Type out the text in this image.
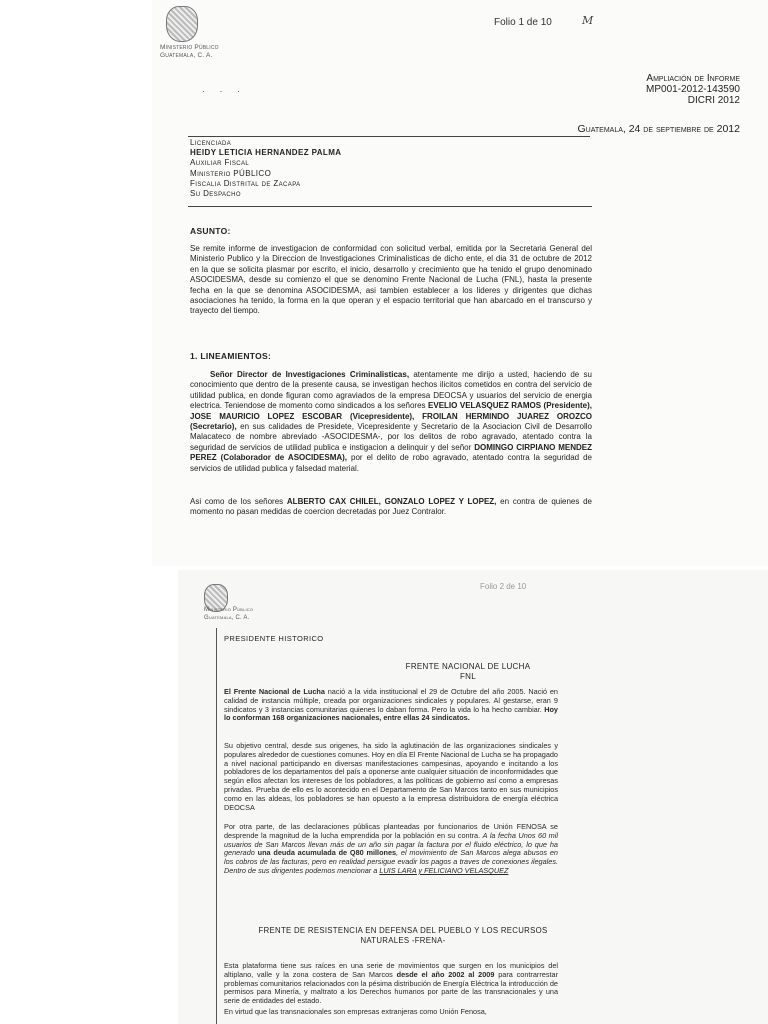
Ministerio Público
Guatemala, C. A.
Folio 1 de 10	M
Ampliación de Informe
MP001-2012-143590
DICRI 2012
· · ·
Guatemala, 24 de septiembre de 2012
Licenciada
HEIDY LETICIA HERNANDEZ PALMA
Auxiliar Fiscal
Ministerio PÚBLICO
Fiscalia Distrital de Zacapa
Su Despacho
ASUNTO:
Se remite informe de investigacion de conformidad con solicitud verbal, emitida por la Secretaria General del Ministerio Publico y la Direccion de Investigaciones Criminalisticas de dicho ente, el dia 31 de octubre de 2012 en la que se solicita plasmar por escrito, el inicio, desarrollo y crecimiento que ha tenido el grupo denominado ASOCIDESMA, desde su comienzo el que se denomino Frente Nacional de Lucha (FNL), hasta la presente fecha en la que se denomina ASOCIDESMA, asi tambien establecer a los lideres y dirigentes que dichas asociaciones ha tenido, la forma en la que operan y el espacio territorial que han abarcado en el transcurso y trayecto del tiempo.
1. LINEAMIENTOS:
Señor Director de Investigaciones Criminalisticas, atentamente me dirijo a usted, haciendo de su conocimiento que dentro de la presente causa, se investigan hechos ilicitos cometidos en contra del servicio de utilidad publica, en donde figuran como agraviados de la empresa DEOCSA y usuarios del servicio de energia electrica. Teniendose de momento como sindicados a los señores EVELIO VELASQUEZ RAMOS (Presidente), JOSE MAURICIO LOPEZ ESCOBAR (Vicepresidente), FROILAN HERMINDO JUAREZ OROZCO (Secretario), en sus calidades de Presidete, Vicepresidente y Secretario de la Asociacion Civil de Desarrollo Malacateco de nombre abreviado -ASOCIDESMA-, por los delitos de robo agravado, atentado contra la seguridad de servicios de utilidad publica e instigacion a delinquir y del señor DOMINGO CIRPIANO MENDEZ PEREZ (Colaborador de ASOCIDESMA), por el delito de robo agravado, atentado contra la seguridad de servicios de utilidad publica y falsedad material.
Asi como de los señores ALBERTO CAX CHILEL, GONZALO LOPEZ Y LOPEZ, en contra de quienes de momento no pasan medidas de coercion decretadas por Juez Contralor.
Ministerio Público
Guatemala, C. A.
Folio 2 de 10
PRESIDENTE HISTORICO
FRENTE NACIONAL DE LUCHA
FNL
El Frente Nacional de Lucha nació a la vida institucional el 29 de Octubre del año 2005. Nació en calidad de instancia múltiple, creada por organizaciones sindicales y populares. Al gestarse, eran 9 sindicatos y 3 instancias comunitarias quienes lo daban forma. Pero la vida lo ha hecho cambiar. Hoy lo conforman 168 organizaciones nacionales, entre ellas 24 sindicatos.
Su objetivo central, desde sus origenes, ha sido la aglutinación de las organizaciones sindicales y populares alrededor de cuestiones comunes. Hoy en día El Frente Nacional de Lucha se ha propagado a nivel nacional participando en diversas manifestaciones campesinas, apoyando e incitando a los pobladores de los departamentos del país a oponerse ante cualquier situación de inconformidades que según ellos afectan los intereses de los pobladores, a las políticas de gobierno así como a empresas privadas. Prueba de ello es lo acontecido en el Departamento de San Marcos tanto en sus municipios como en las aldeas, los pobladores se han opuesto a la empresa distribuidora de energía eléctrica DEOCSA
Por otra parte, de las declaraciones públicas planteadas por funcionarios de Unión FENOSA se desprende la magnitud de la lucha emprendida por la población en su contra. A la fecha Unos 60 mil usuarios de San Marcos llevan más de un año sin pagar la factura por el fluido eléctrico, lo que ha generado una deuda acumulada de Q80 millones, el movimiento de San Marcos alega abusos en los cobros de las facturas, pero en realidad persigue evadir los pagos a traves de conexiones ilegales. Dentro de sus dirigentes podemos mencionar a LUIS LARA y FELICIANO VELASQUEZ
FRENTE DE RESISTENCIA EN DEFENSA DEL PUEBLO Y LOS RECURSOS NATURALES -FRENA-
Esta plataforma tiene sus raíces en una serie de movimientos que surgen en los municipios del altiplano, valle y la zona costera de San Marcos desde el año 2002 al 2009 para contrarrestar problemas comunitarios relacionados con la pésima distribución de Energía Eléctrica la introducción de permisos para Minería, y maltrato a los Derechos humanos por parte de las transnacionales y una serie de entidades del estado.
En virtud que las transnacionales son empresas extranjeras como Unión Fenosa,
